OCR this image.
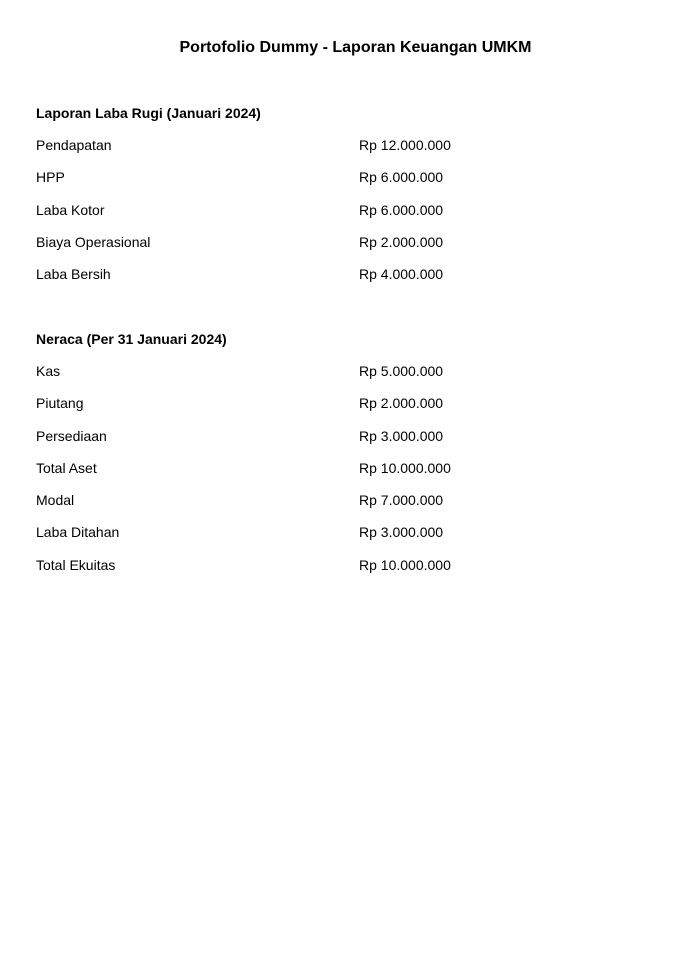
Portofolio Dummy - Laporan Keuangan UMKM
Laporan Laba Rugi (Januari 2024)
Pendapatan	Rp 12.000.000
HPP	Rp 6.000.000
Laba Kotor	Rp 6.000.000
Biaya Operasional	Rp 2.000.000
Laba Bersih	Rp 4.000.000
Neraca (Per 31 Januari 2024)
Kas	Rp 5.000.000
Piutang	Rp 2.000.000
Persediaan	Rp 3.000.000
Total Aset	Rp 10.000.000
Modal	Rp 7.000.000
Laba Ditahan	Rp 3.000.000
Total Ekuitas	Rp 10.000.000
